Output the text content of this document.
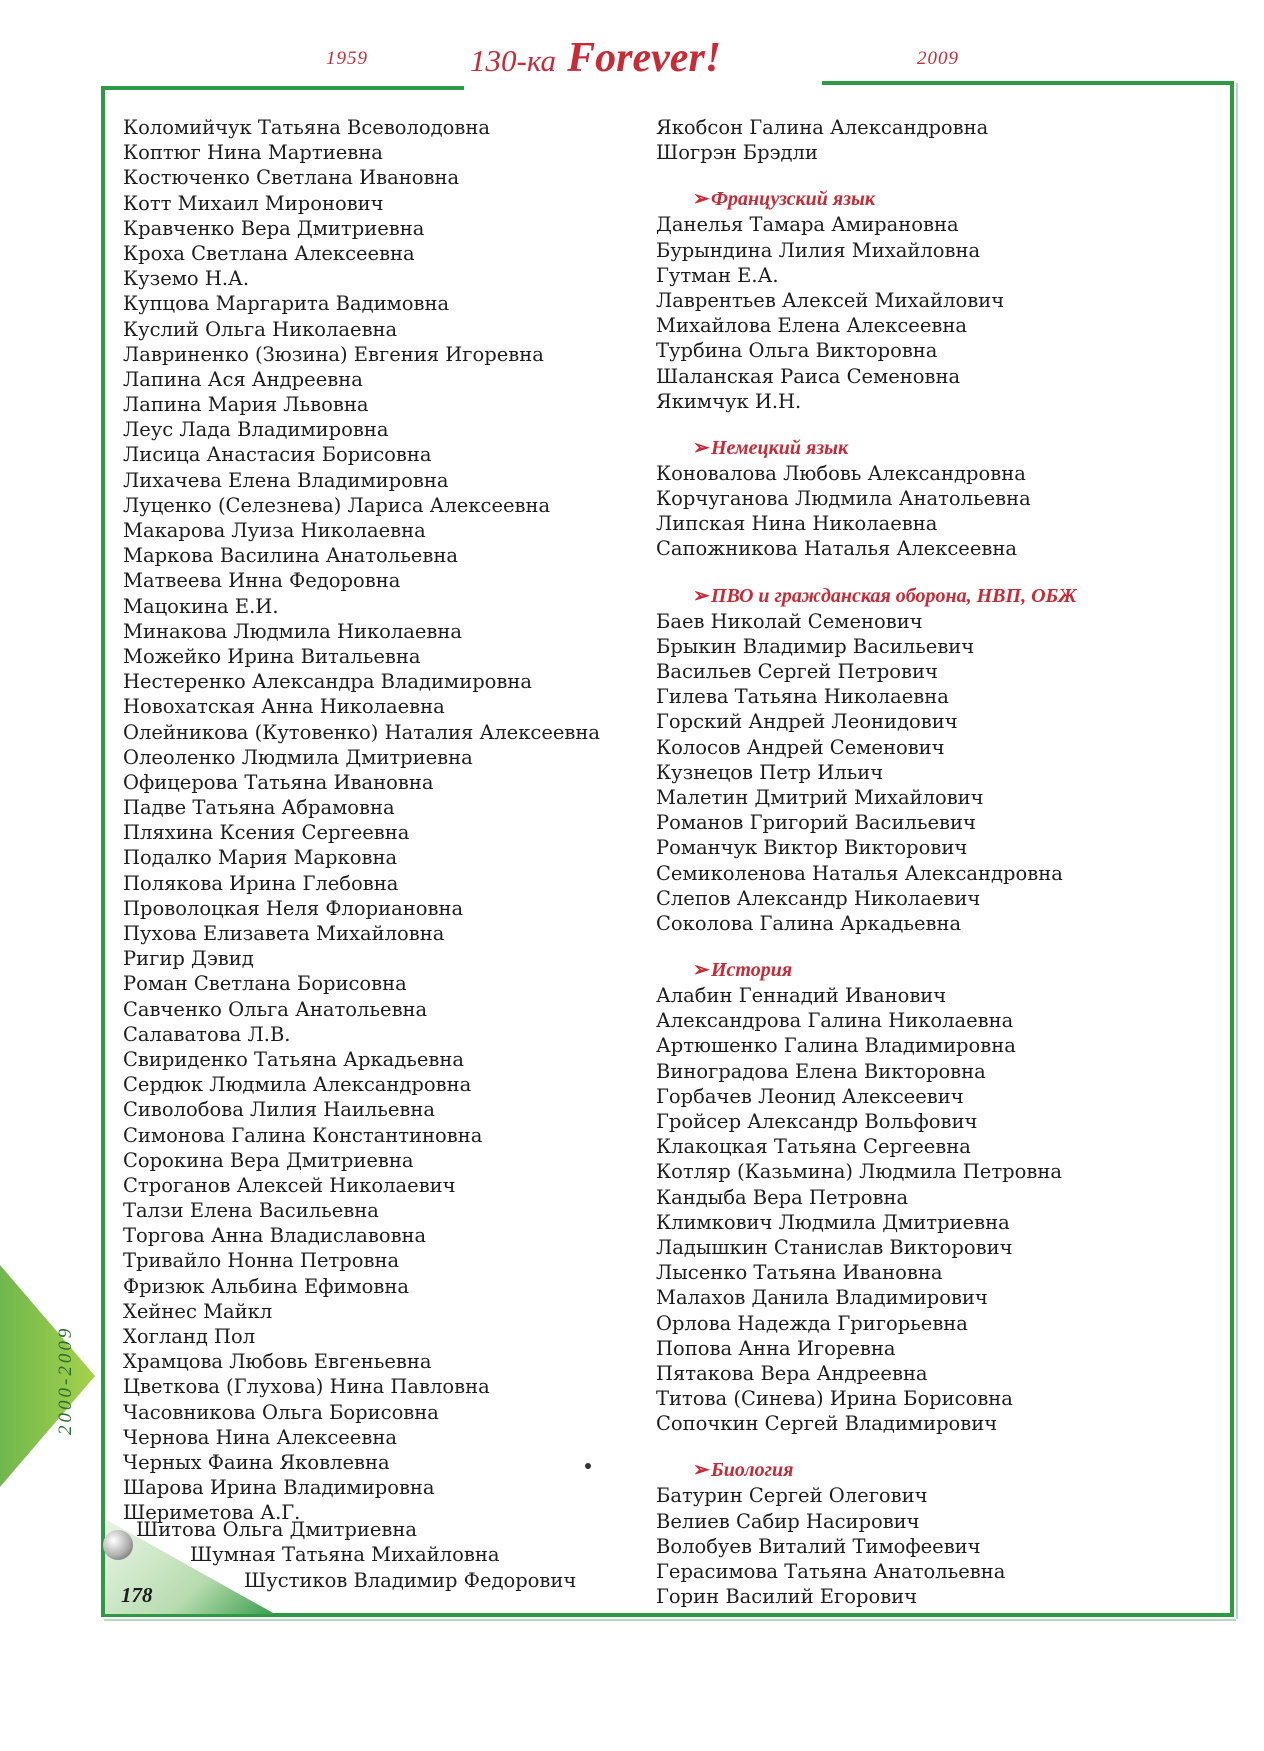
1959	130-ка Forever!	2009
2000-2009
178
Коломийчук Татьяна Всеволодовна
Коптюг Нина Мартиевна
Костюченко Светлана Ивановна
Котт Михаил Миронович
Кравченко Вера Дмитриевна
Кроха Светлана Алексеевна
Куземо Н.А.
Купцова Маргарита Вадимовна
Куслий Ольга Николаевна
Лавриненко (Зюзина) Евгения Игоревна
Лапина Ася Андреевна
Лапина Мария Львовна
Леус Лада Владимировна
Лисица Анастасия Борисовна
Лихачева Елена Владимировна
Луценко (Селезнева) Лариса Алексеевна
Макарова Луиза Николаевна
Маркова Василина Анатольевна
Матвеева Инна Федоровна
Мацокина Е.И.
Минакова Людмила Николаевна
Можейко Ирина Витальевна
Нестеренко Александра Владимировна
Новохатская Анна Николаевна
Олейникова (Кутовенко) Наталия Алексеевна
Олеоленко Людмила Дмитриевна
Офицерова Татьяна Ивановна
Падве Татьяна Абрамовна
Пляхина Ксения Сергеевна
Подалко Мария Марковна
Полякова Ирина Глебовна
Проволоцкая Неля Флориановна
Пухова Елизавета Михайловна
Ригир Дэвид
Роман Светлана Борисовна
Савченко Ольга Анатольевна
Салаватова Л.В.
Свириденко Татьяна Аркадьевна
Сердюк Людмила Александровна
Сиволобова Лилия Наильевна
Симонова Галина Константиновна
Сорокина Вера Дмитриевна
Строганов Алексей Николаевич
Талзи Елена Васильевна
Торгова Анна Владиславовна
Тривайло Нонна Петровна
Фризюк Альбина Ефимовна
Хейнес Майкл
Хогланд Пол
Храмцова Любовь Евгеньевна
Цветкова (Глухова) Нина Павловна
Часовникова Ольга Борисовна
Чернова Нина Алексеевна
Черных Фаина Яковлевна
Шарова Ирина Владимировна
Шериметова А.Г.
Шитова Ольга Дмитриевна
Шумная Татьяна Михайловна
Шустиков Владимир Федорович
Якобсон Галина Александровна
Шогрэн Брэдли
➢Французский язык
Данелья Тамара Амирановна
Бурындина Лилия Михайловна
Гутман Е.А.
Лаврентьев Алексей Михайлович
Михайлова Елена Алексеевна
Турбина Ольга Викторовна
Шаланская Раиса Семеновна
Якимчук И.Н.
➢Немецкий язык
Коновалова Любовь Александровна
Корчуганова Людмила Анатольевна
Липская Нина Николаевна
Сапожникова Наталья Алексеевна
➢ПВО и гражданская оборона, НВП, ОБЖ
Баев Николай Семенович
Брыкин Владимир Васильевич
Васильев Сергей Петрович
Гилева Татьяна Николаевна
Горский Андрей Леонидович
Колосов Андрей Семенович
Кузнецов Петр Ильич
Малетин Дмитрий Михайлович
Романов Григорий Васильевич
Романчук Виктор Викторович
Семиколенова Наталья Александровна
Слепов Александр Николаевич
Соколова Галина Аркадьевна
➢История
Алабин Геннадий Иванович
Александрова Галина Николаевна
Артюшенко Галина Владимировна
Виноградова Елена Викторовна
Горбачев Леонид Алексеевич
Гройсер Александр Вольфович
Клакоцкая Татьяна Сергеевна
Котляр (Казьмина) Людмила Петровна
Кандыба Вера Петровна
Климкович Людмила Дмитриевна
Ладышкин Станислав Викторович
Лысенко Татьяна Ивановна
Малахов Данила Владимирович
Орлова Надежда Григорьевна
Попова Анна Игоревна
Пятакова Вера Андреевна
Титова (Синева) Ирина Борисовна
Сопочкин Сергей Владимирович
➢Биология
Батурин Сергей Олегович
Велиев Сабир Насирович
Волобуев Виталий Тимофеевич
Герасимова Татьяна Анатольевна
Горин Василий Егорович
